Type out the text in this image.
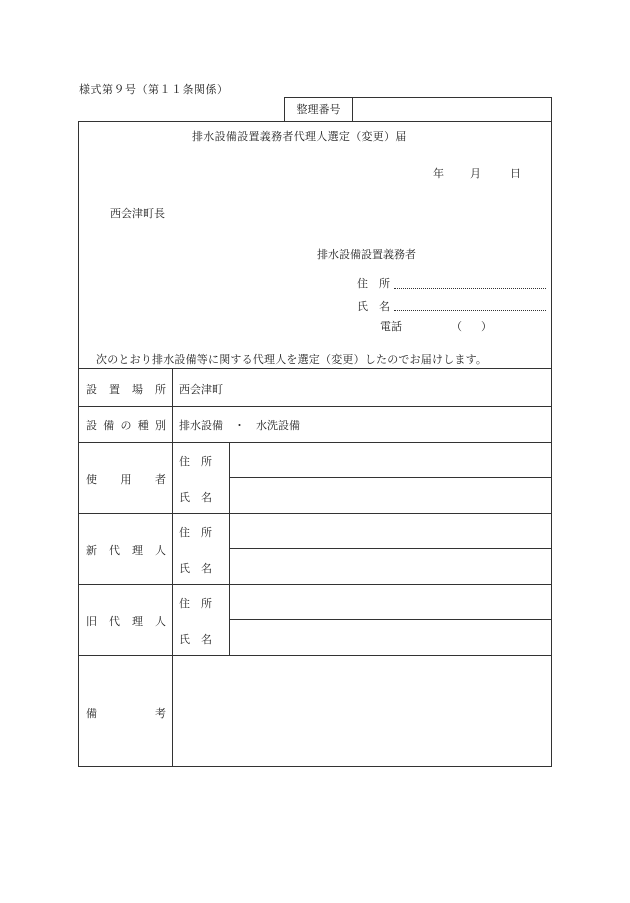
様式第９号（第１１条関係）
整理番号
排水設備設置義務者代理人選定（変更）届
年 月	日
西会津町長
排水設備設置義務者
住　所
氏　名
電話	（ ）
次のとおり排水設備等に関する代理人を選定（変更）したのでお届けします。
設置場所 西会津町
設備の種別 排水設備　・　水洗設備
使用者
住　所
氏　名
新代理人
住　所
氏　名
旧代理人
住　所
氏　名
備考
